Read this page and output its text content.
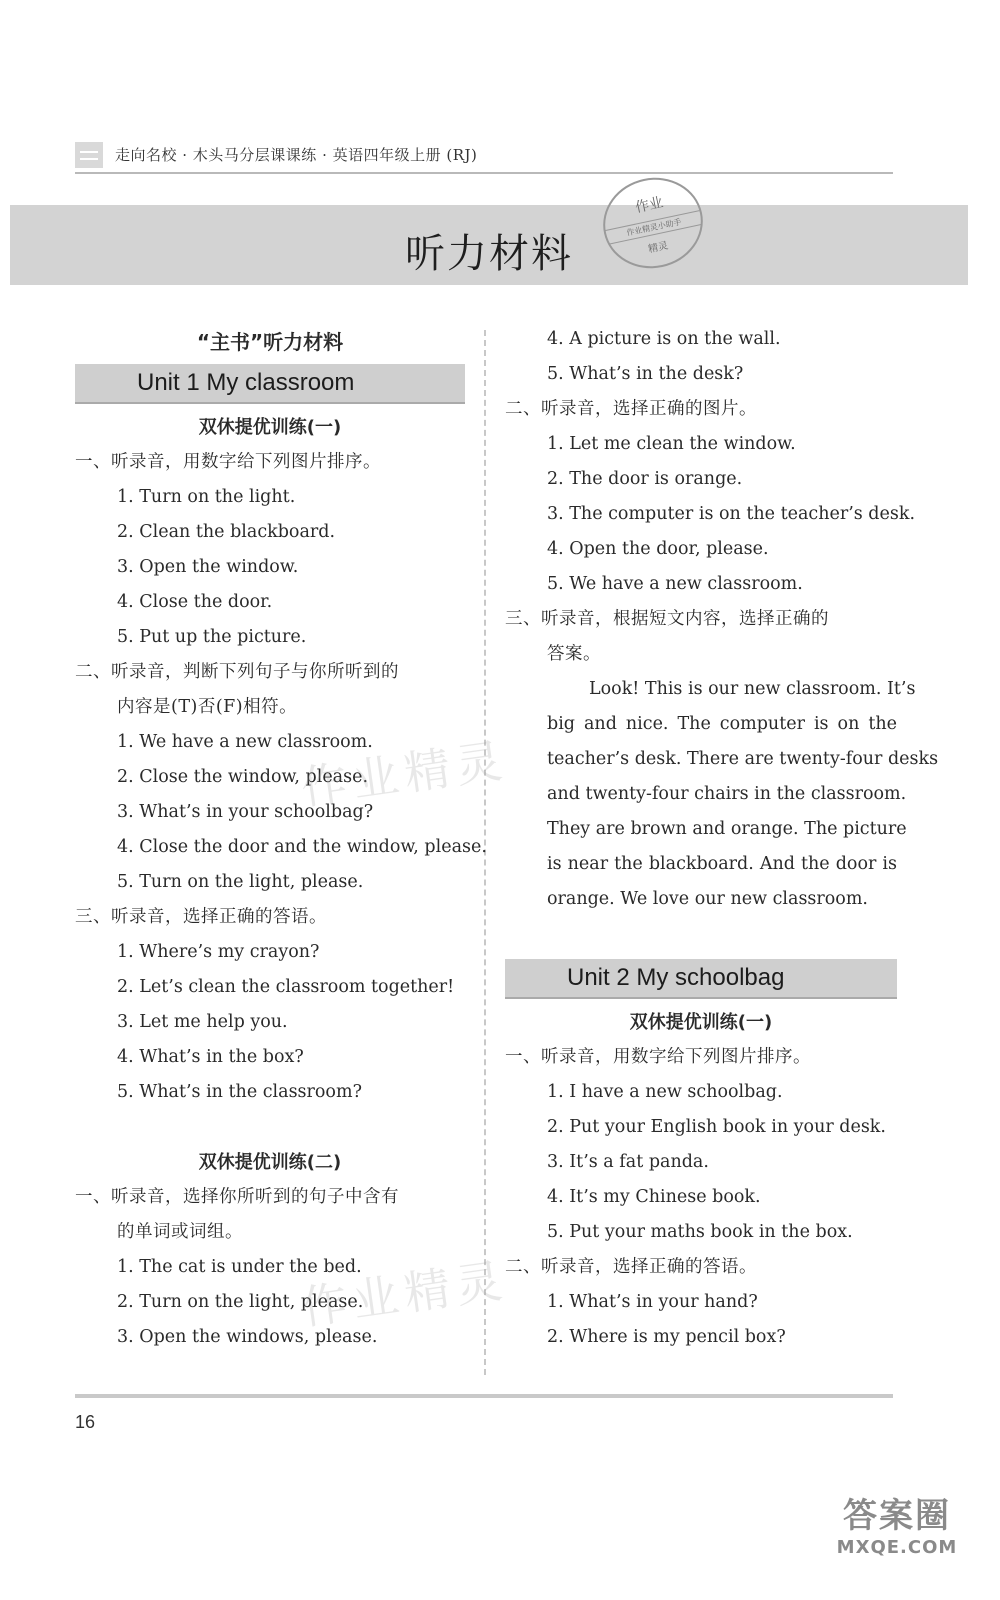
走向名校 · 木头马分层课课练 · 英语四年级上册 (RJ)
听力材料
作业
作业精灵小助手
精灵
“主书”听力材料
Unit 1 My classroom
双休提优训练(一)
一、听录音，用数字给下列图片排序。
1. Turn on the light.
2. Clean the blackboard.
3. Open the window.
4. Close the door.
5. Put up the picture.
二、听录音，判断下列句子与你所听到的
内容是(T)否(F)相符。
1. We have a new classroom.
2. Close the window, please.
3. What’s in your schoolbag?
4. Close the door and the window, please.
5. Turn on the light, please.
三、听录音，选择正确的答语。
1. Where’s my crayon?
2. Let’s clean the classroom together!
3. Let me help you.
4. What’s in the box?
5. What’s in the classroom?
双休提优训练(二)
一、听录音，选择你所听到的句子中含有
的单词或词组。
1. The cat is under the bed.
2. Turn on the light, please.
3. Open the windows, please.
4. A picture is on the wall.
5. What’s in the desk?
二、听录音，选择正确的图片。
1. Let me clean the window.
2. The door is orange.
3. The computer is on the teacher’s desk.
4. Open the door, please.
5. We have a new classroom.
三、听录音，根据短文内容，选择正确的
答案。
Look! This is our new classroom. It’s
big and nice. The computer is on the
teacher’s desk. There are twenty-four desks
and twenty-four chairs in the classroom.
They are brown and orange. The picture
is near the blackboard. And the door is
orange. We love our new classroom.
Unit 2 My schoolbag
双休提优训练(一)
一、听录音，用数字给下列图片排序。
1. I have a new schoolbag.
2. Put your English book in your desk.
3. It’s a fat panda.
4. It’s my Chinese book.
5. Put your maths book in the box.
二、听录音，选择正确的答语。
1. What’s in your hand?
2. Where is my pencil box?
作业精灵
作业精灵
16
答案圈
MXQE.COM
